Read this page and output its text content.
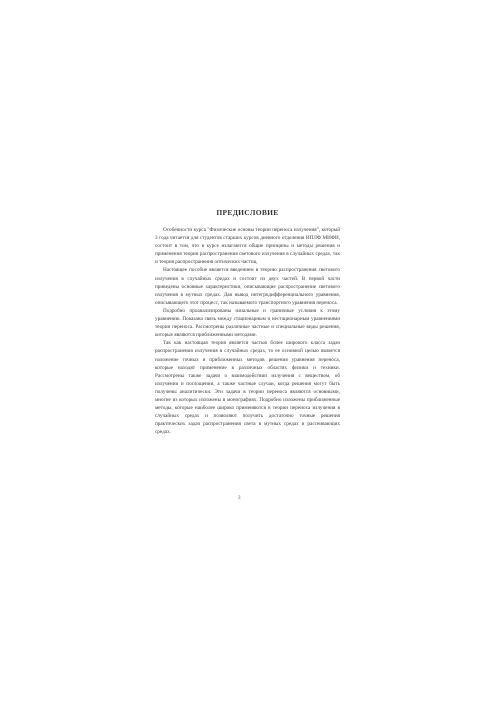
ПРЕДИСЛОВИЕ

Особенности курса "Физические основы теории переноса излучения", который 3 года читается для студентов старших курсов дневного отделения ИПЛФ МИФИ, состоит в том, что в курсе излагаются общие принципы и методы решения и применения теории распространения светового излучения в случайных средах, так и теория распространения оптических частиц.

Настоящее пособие является введением в теорию распространения светового излучения в случайных средах и состоит из двух частей. В первой части приведены основные характеристики, описывающие распространение светового излучения в мутных средах. Дан вывод интегродифференциального уравнения, описывающего этот процесс, так называемого транспортного уравнения переноса.

Подробно проанализированы начальные и граничные условия к этому уравнению. Показана связь между стационарным и нестационарным уравнениями теории переноса. Рассмотрены различные частные и специальные виды решения, которые являются приближенными методами.

Так как настоящая теория является частью более широкого класса задач распространения излучения в случайных средах, то ее основной целью является изложение точных и приближенных методов решения уравнения переноса, которые находят применение в различных областях физики и техники. Рассмотрены также задачи о взаимодействии излучения с веществом, об излучении и поглощении, а также частные случаи, когда решения могут быть получены аналитически. Эти задачи в теории переноса являются основными, многие из которых изложены в монографиях. Подробно изложены приближенные методы, которые наиболее широко применяются в теории переноса излучения в случайных средах и позволяют получить достаточно точные решения практических задач распространения света в мутных средах и рассеивающих средах.

3
